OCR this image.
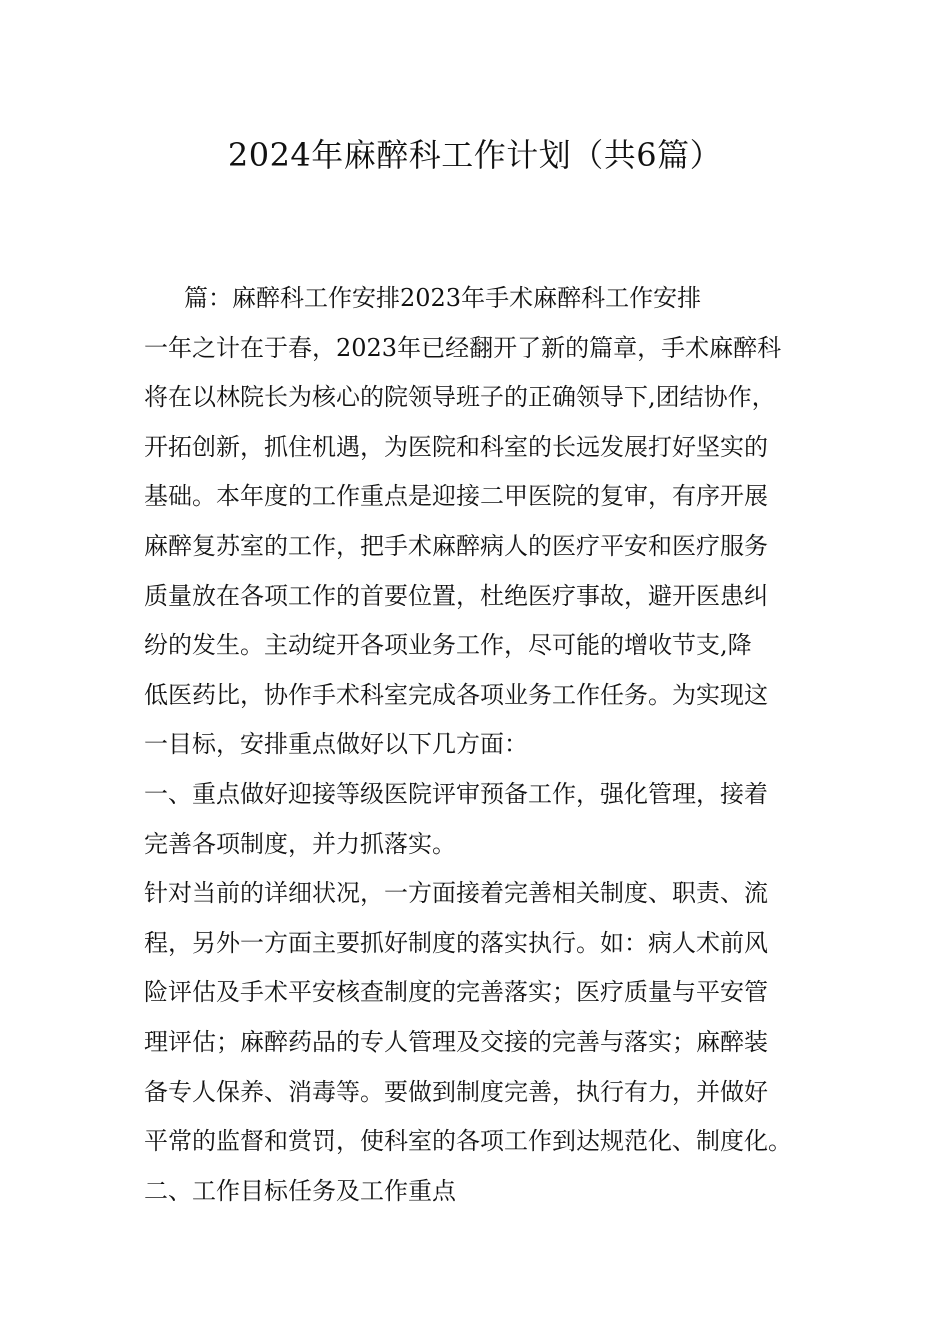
2024年麻醉科工作计划（共6篇）
篇：麻醉科工作安排2023年手术麻醉科工作安排
一年之计在于春，2023年已经翻开了新的篇章，手术麻醉科
将在以林院长为核心的院领导班子的正确领导下,团结协作，
开拓创新，抓住机遇，为医院和科室的长远发展打好坚实的
基础。本年度的工作重点是迎接二甲医院的复审，有序开展
麻醉复苏室的工作，把手术麻醉病人的医疗平安和医疗服务
质量放在各项工作的首要位置，杜绝医疗事故，避开医患纠
纷的发生。主动绽开各项业务工作，尽可能的增收节支,降
低医药比，协作手术科室完成各项业务工作任务。为实现这
一目标，安排重点做好以下几方面：
一、重点做好迎接等级医院评审预备工作，强化管理，接着
完善各项制度，并力抓落实。
针对当前的详细状况，一方面接着完善相关制度、职责、流
程，另外一方面主要抓好制度的落实执行。如：病人术前风
险评估及手术平安核查制度的完善落实；医疗质量与平安管
理评估；麻醉药品的专人管理及交接的完善与落实；麻醉装
备专人保养、消毒等。要做到制度完善，执行有力，并做好
平常的监督和赏罚，使科室的各项工作到达规范化、制度化。
二、工作目标任务及工作重点
